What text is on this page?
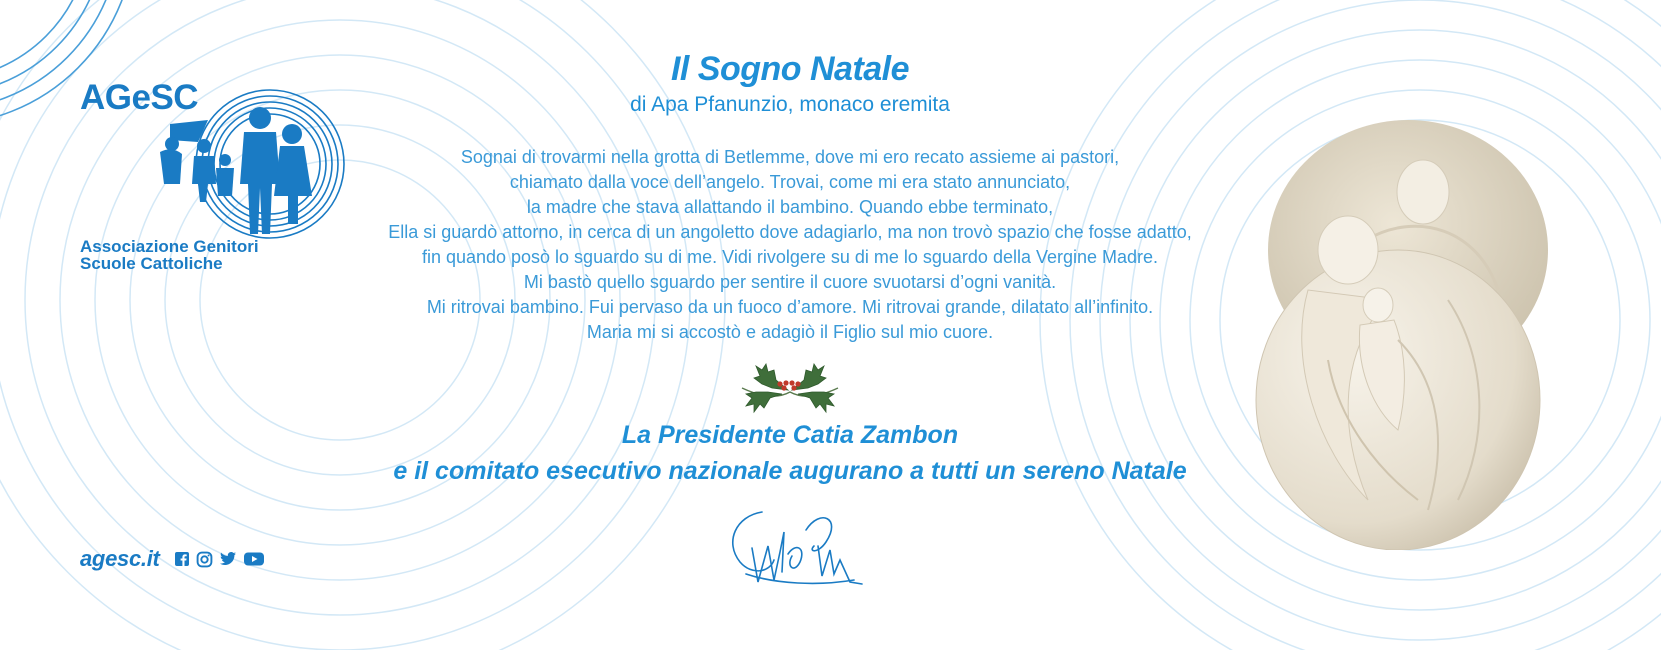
AGeSC
Associazione Genitori
Scuole Cattoliche
agesc.it
Il Sogno Natale
di Apa Pfanunzio, monaco eremita
Sognai di trovarmi nella grotta di Betlemme, dove mi ero recato assieme ai pastori,
chiamato dalla voce dell’angelo. Trovai, come mi era stato annunciato,
la madre che stava allattando il bambino. Quando ebbe terminato,
Ella si guardò attorno, in cerca di un angoletto dove adagiarlo, ma non trovò spazio che fosse adatto,
fin quando posò lo sguardo su di me. Vidi rivolgere su di me lo sguardo della Vergine Madre.
Mi bastò quello sguardo per sentire il cuore svuotarsi d’ogni vanità.
Mi ritrovai bambino. Fui pervaso da un fuoco d’amore. Mi ritrovai grande, dilatato all’infinito.
Maria mi si accostò e adagiò il Figlio sul mio cuore.
La Presidente Catia Zambon
e il comitato esecutivo nazionale augurano a tutti un sereno Natale
